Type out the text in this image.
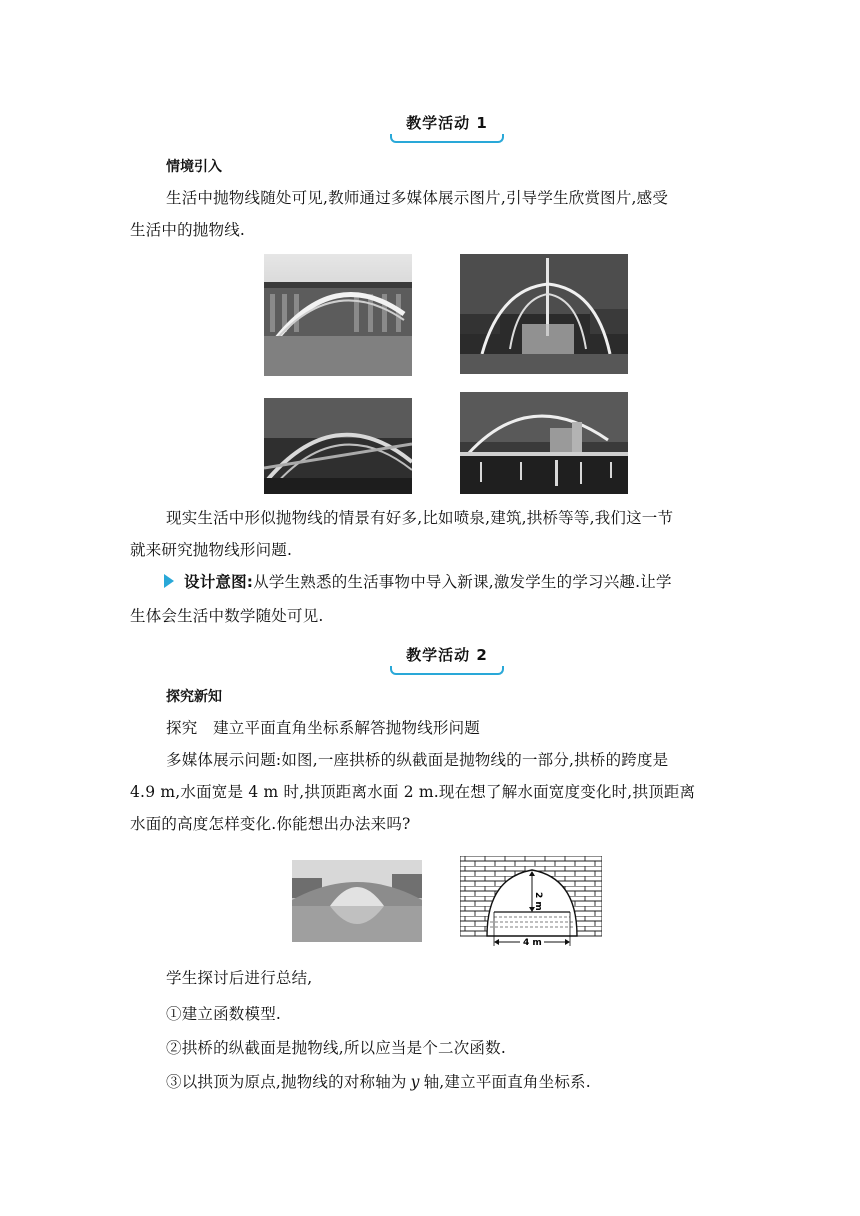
教学活动 1
情境引入
生活中抛物线随处可见,教师通过多媒体展示图片,引导学生欣赏图片,感受
生活中的抛物线.
现实生活中形似抛物线的情景有好多,比如喷泉,建筑,拱桥等等,我们这一节
就来研究抛物线形问题.
设计意图:从学生熟悉的生活事物中导入新课,激发学生的学习兴趣.让学
生体会生活中数学随处可见.
教学活动 2
探究新知
探究　建立平面直角坐标系解答抛物线形问题
多媒体展示问题:如图,一座拱桥的纵截面是抛物线的一部分,拱桥的跨度是
4.9 m,水面宽是 4 m 时,拱顶距离水面 2 m.现在想了解水面宽度变化时,拱顶距离
水面的高度怎样变化.你能想出办法来吗?
2 m
4 m
学生探讨后进行总结,
①建立函数模型.
②拱桥的纵截面是抛物线,所以应当是个二次函数.
③以拱顶为原点,抛物线的对称轴为 y 轴,建立平面直角坐标系.
